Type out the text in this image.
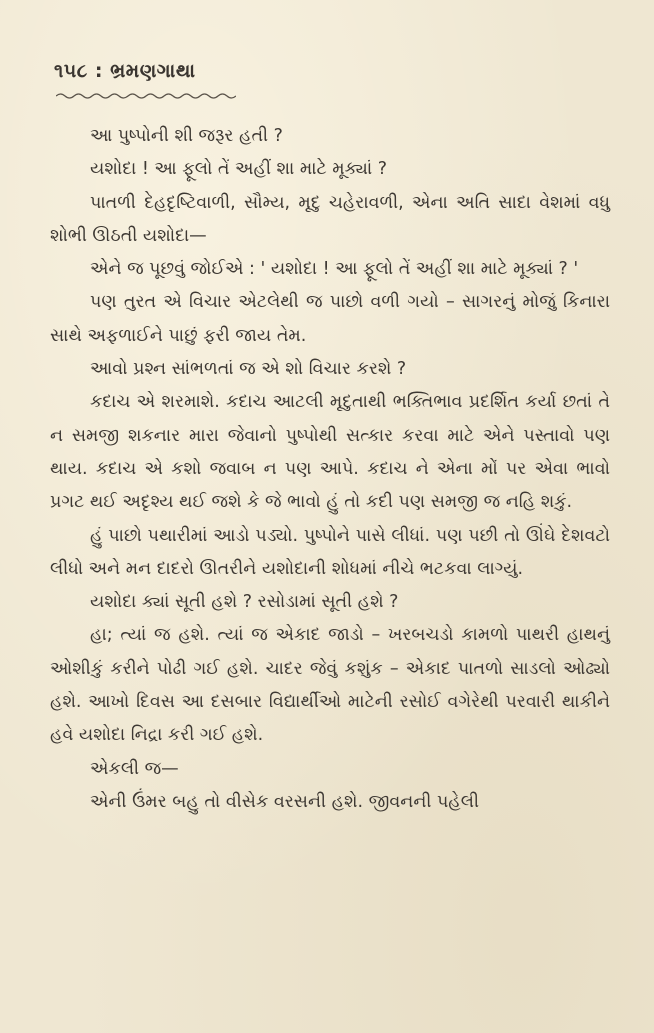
૧૫૮ : ભ્રમણગાથા

આ પુષ્પોની શી જરૂર હતી ?

યશોદા ! આ ફૂલો તેં અહીં શા માટે મૂક્યાં ?

પાતળી દેહદૃષ્ટિવાળી, સૌમ્ય, મૃદુ ચહેરાવળી, એના અતિ સાદા વેશમાં વધુ શોભી ઊઠતી યશોદા—

એને જ પૂછવું જોઈએ : ' યશોદા ! આ ફૂલો તેં અહીં શા માટે મૂક્યાં ? '

પણ તુરત એ વિચાર એટલેથી જ પાછો વળી ગયો – સાગરનું મોજું કિનારા સાથે અફળાઈને પાછું ફરી જાય તેમ.

આવો પ્રશ્ન સાંભળતાં જ એ શો વિચાર કરશે ?

કદાચ એ શરમાશે. કદાચ આટલી મૃદુતાથી ભક્તિભાવ પ્રદર્શિત કર્યા છતાં તે ન સમજી શકનાર મારા જેવાનો પુષ્પોથી સત્કાર કરવા માટે એને પસ્તાવો પણ થાય. કદાચ એ કશો જવાબ ન પણ આપે. કદાચ ને એના મોં પર એવા ભાવો પ્રગટ થઈ અદૃશ્ય થઈ જશે કે જે ભાવો હું તો કદી પણ સમજી જ નહિ શકું.

હું પાછો પથારીમાં આડો પડ્યો. પુષ્પોને પાસે લીધાં. પણ પછી તો ઊંઘે દેશવટો લીધો અને મન દાદરો ઊતરીને યશોદાની શોધમાં નીચે ભટકવા લાગ્યું.

યશોદા ક્યાં સૂતી હશે ? રસોડામાં સૂતી હશે ?

હા; ત્યાં જ હશે. ત્યાં જ એકાદ જાડો – ખરબચડો કામળો પાથરી હાથનું ઓશીકું કરીને પોઢી ગઈ હશે. ચાદર જેવું કશુંક – એકાદ પાતળો સાડલો ઓઢ્યો હશે. આખો દિવસ આ દસબાર વિદ્યાર્થીઓ માટેની રસોઈ વગેરેથી પરવારી થાકીને હવે યશોદા નિદ્રા કરી ગઈ હશે.

એકલી જ—

એની ઉંમર બહુ તો વીસેક વરસની હશે. જીવનની પહેલી
